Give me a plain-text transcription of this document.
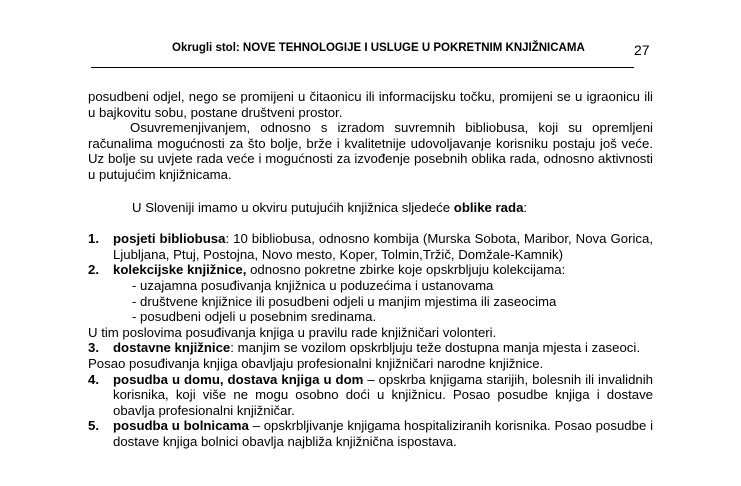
Okrugli stol: NOVE TEHNOLOGIJE I USLUGE U POKRETNIM KNJIŽNICAMA	27

posudbeni odjel, nego se promijeni u čitaonicu ili informacijsku točku, promijeni se u igraonicu ili u bajkovitu sobu, postane društveni prostor.

Osuvremenjivanjem, odnosno s izradom suvremnih bibliobusa, koji su opremljeni računalima mogućnosti za što bolje, brže i kvalitetnije udovoljavanje korisniku postaju još veće. Uz bolje su uvjete rada veće i mogućnosti za izvođenje posebnih oblika rada, odnosno aktivnosti u putujućim knjižnicama.

U Sloveniji imamo u okviru putujućih knjižnica sljedeće oblike rada:

1.	posjeti bibliobusa: 10 bibliobusa, odnosno kombija (Murska Sobota, Maribor, Nova Gorica, Ljubljana, Ptuj, Postojna, Novo mesto, Koper, Tolmin,Tržič, Domžale-Kamnik)
2.	kolekcijske knjižnice, odnosno pokretne zbirke koje opskrbljuju kolekcijama:

- uzajamna posuđivanja knjižnica u poduzećima i ustanovama

- društvene knjižnice ili posudbeni odjeli u manjim mjestima ili zaseocima

- posudbeni odjeli u posebnim sredinama.

U tim poslovima posuđivanja knjiga u pravilu rade knjižničari volonteri.

3.	dostavne knjižnice: manjim se vozilom opskrbljuju teže dostupna manja mjesta i zaseoci.

Posao posuđivanja knjiga obavljaju profesionalni knjižničari narodne knjižnice.

4.	posudba u domu, dostava knjiga u dom – opskrba knjigama starijih, bolesnih ili invalidnih korisnika, koji više ne mogu osobno doći u knjižnicu. Posao posudbe knjiga i dostave obavlja profesionalni knjižničar.
5.	posudba u bolnicama – opskrbljivanje knjigama hospitaliziranih korisnika. Posao posudbe i dostave knjiga bolnici obavlja najbliža knjižnična ispostava.
